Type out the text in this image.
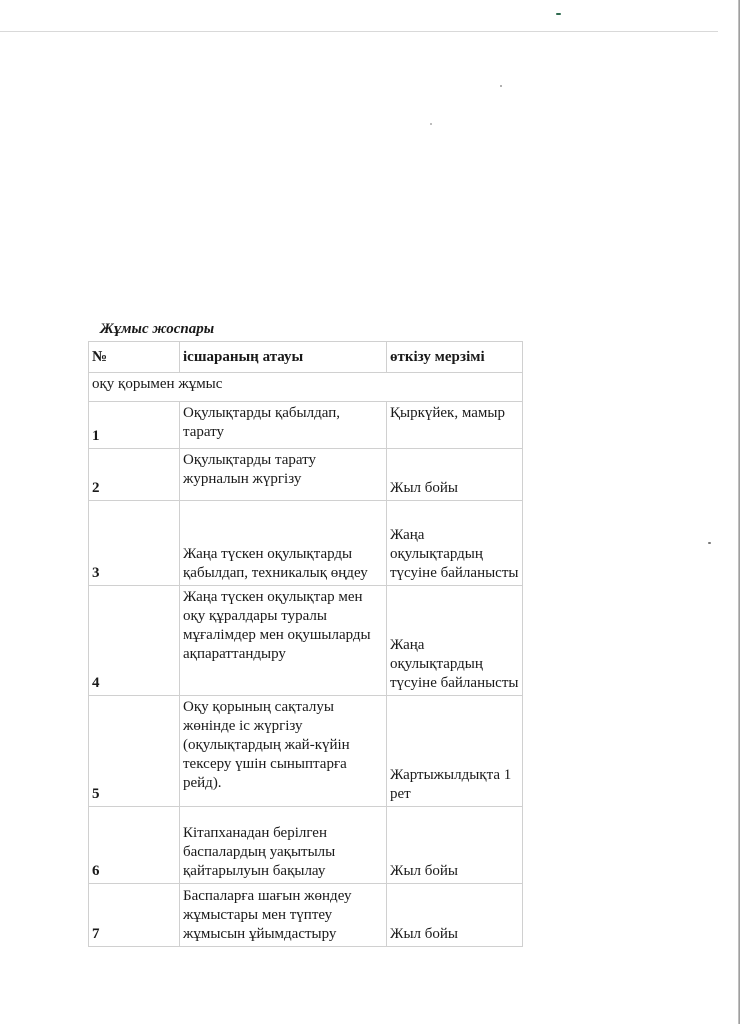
Жұмыс жоспары
№	ісшараның атауы	өткізу мерзімі
оқу қорымен жұмыс		
1	Оқулықтарды қабылдап, тарату	Қыркүйек, мамыр
2	Оқулықтарды тарату журналын жүргізу	Жыл бойы
3	Жаңа түскен оқулықтарды қабылдап, техникалық өңдеу	Жаңа оқулықтардың түсуіне байланысты
4	Жаңа түскен оқулықтар мен оқу құралдары туралы мұғалімдер мен оқушыларды ақпараттандыру	Жаңа оқулықтардың түсуіне байланысты
5	Оқу қорының сақталуы жөнінде іс жүргізу (оқулықтардың жай-күйін тексеру үшін сыныптарға рейд).	Жартыжылдықта 1 рет
6	Кітапханадан берілген баспалардың уақытылы қайтарылуын бақылау	Жыл бойы
7	Баспаларға шағын жөндеу жұмыстары мен түптеу жұмысын ұйымдастыру	Жыл бойы
